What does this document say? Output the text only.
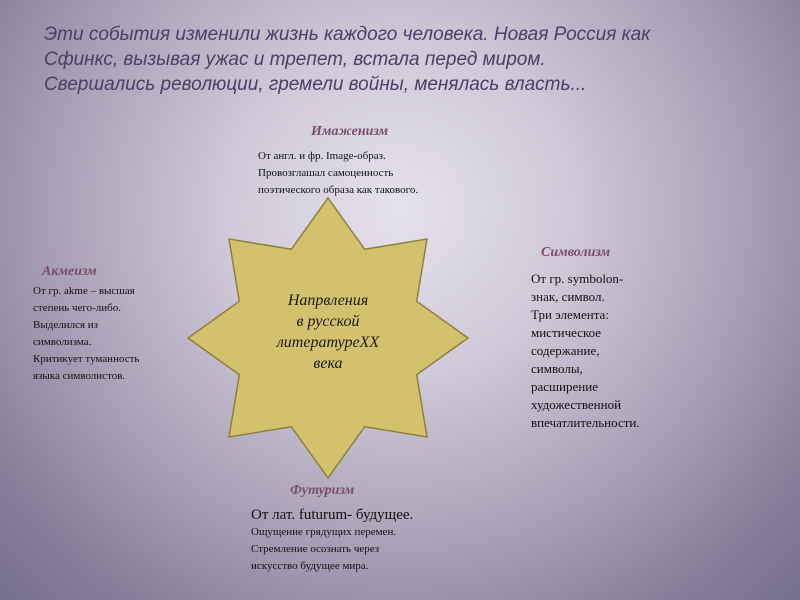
Эти события изменили жизнь каждого человека. Новая Россия как
Сфинкс, вызывая ужас и трепет, встала перед миром.
Свершались революции, гремели войны, менялась власть...
Имаженизм
От англ. и фр. Image-образ.
Провозглашал самоценность
поэтического образа как такового.
Символизм
От гр. symbolon-
знак, символ.
Три элемента:
мистическое
содержание,
символы,
расширение
художественной
впечатлительности.
Акмеизм
От гр. akme – высшая
степень чего-либо.
Выделился из
символизма.
Критикует туманность
языка символистов.
Напрвления
в русской
литературеXX
века
Футуризм
От лат. futurum- будущее.
Ощущение грядущих перемен.
Стремление осознать через
искусство будущее мира.
